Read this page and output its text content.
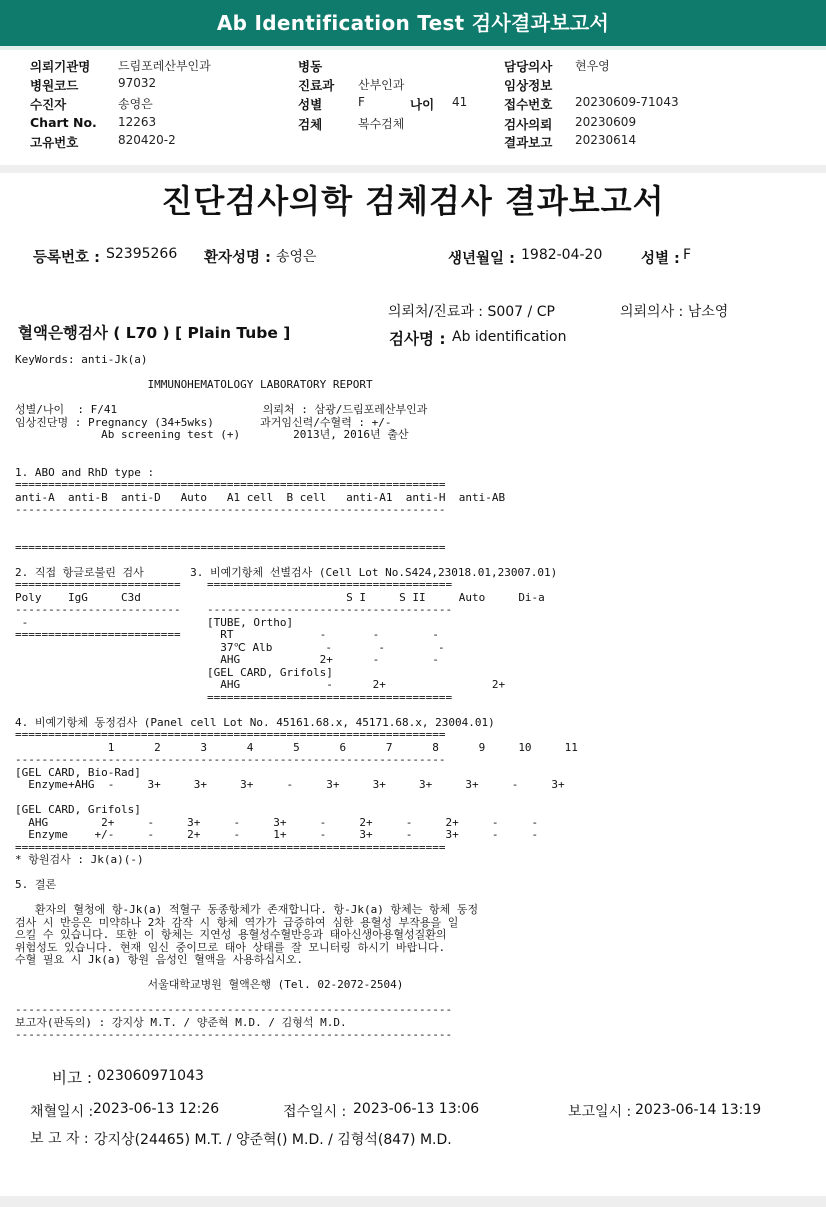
Ab Identification Test 검사결과보고서
의뢰기관명 드림포레산부인과
병원코드	97032
수진자	송영은
Chart No. 12263
고유번호	820420-2
병동
진료과 산부인과
성별	F	나이 41
검체	복수검체
담당의사 현우영
임상정보
접수번호 20230609-71043
검사의뢰 20230609
결과보고 20230614
진단검사의학 검체검사 결과보고서
등록번호 : S2395266 환자성명 : 송영은	생년월일 : 1982-04-20	성별 : F
의뢰처/진료과 : S007 / CP	의뢰의사 : 남소영
혈액은행검사 ( L70 ) [ Plain Tube ]	검사명 : Ab identification
KeyWords: anti-Jk(a)
IMMUNOHEMATOLOGY LABORATORY REPORT

성별/나이  : F/41                      의뢰처 : 삼광/드림포레산부인과
임상진단명 : Pregnancy (34+5wks)       과거임신력/수혈력 : +/-
Ab screening test (+)        2013년, 2016년 출산

1. ABO and RhD type :
=================================================================
anti-A  anti-B  anti-D   Auto   A1 cell  B cell   anti-A1  anti-H  anti-AB
-----------------------------------------------------------------

=================================================================

2. 직접 항글로불린 검사       3. 비예기항체 선별검사 (Cell Lot No.S424,23018.01,23007.01)
=========================    =====================================
Poly    IgG     C3d                               S I     S II     Auto     Di-a
-------------------------    -------------------------------------
-                           [TUBE, Ortho]
=========================      RT             -       -        -
37℃ Alb        -       -        -
AHG            2+      -        -
[GEL CARD, Grifols]
AHG             -      2+                2+
=====================================

4. 비예기항체 동정검사 (Panel cell Lot No. 45161.68.x, 45171.68.x, 23004.01)
=================================================================
1      2      3      4      5      6      7      8      9     10     11
-----------------------------------------------------------------
[GEL CARD, Bio-Rad]
Enzyme+AHG  -     3+     3+     3+     -     3+     3+     3+     3+     -     3+

[GEL CARD, Grifols]
AHG        2+     -     3+     -     3+     -     2+     -     2+     -     -
Enzyme    +/-     -     2+     -     1+     -     3+     -     3+     -     -
=================================================================
* 항원검사 : Jk(a)(-)

5. 결론

환자의 혈청에 항-Jk(a) 적혈구 동종항체가 존재합니다. 항-Jk(a) 항체는 항체 동정
검사 시 반응은 미약하나 2차 감작 시 항체 역가가 급증하여 심한 용혈성 부작용을 일
으킬 수 있습니다. 또한 이 항체는 지연성 용혈성수혈반응과 태아신생아용혈성질환의
위험성도 있습니다. 현재 임신 중이므로 태아 상태를 잘 모니터링 하시기 바랍니다.
수혈 필요 시 Jk(a) 항원 음성인 혈액을 사용하십시오.

서울대학교병원 혈액은행 (Tel. 02-2072-2504)

------------------------------------------------------------------
보고자(판독의) : 강지상 M.T. / 양준혁 M.D. / 김형석 M.D.
------------------------------------------------------------------
비고 : 023060971043
채혈일시 : 2023-06-13 12:26	접수일시 : 2023-06-13 13:06	보고일시 : 2023-06-14 13:19
보 고 자 : 강지상(24465) M.T. / 양준혁() M.D. / 김형석(847) M.D.
